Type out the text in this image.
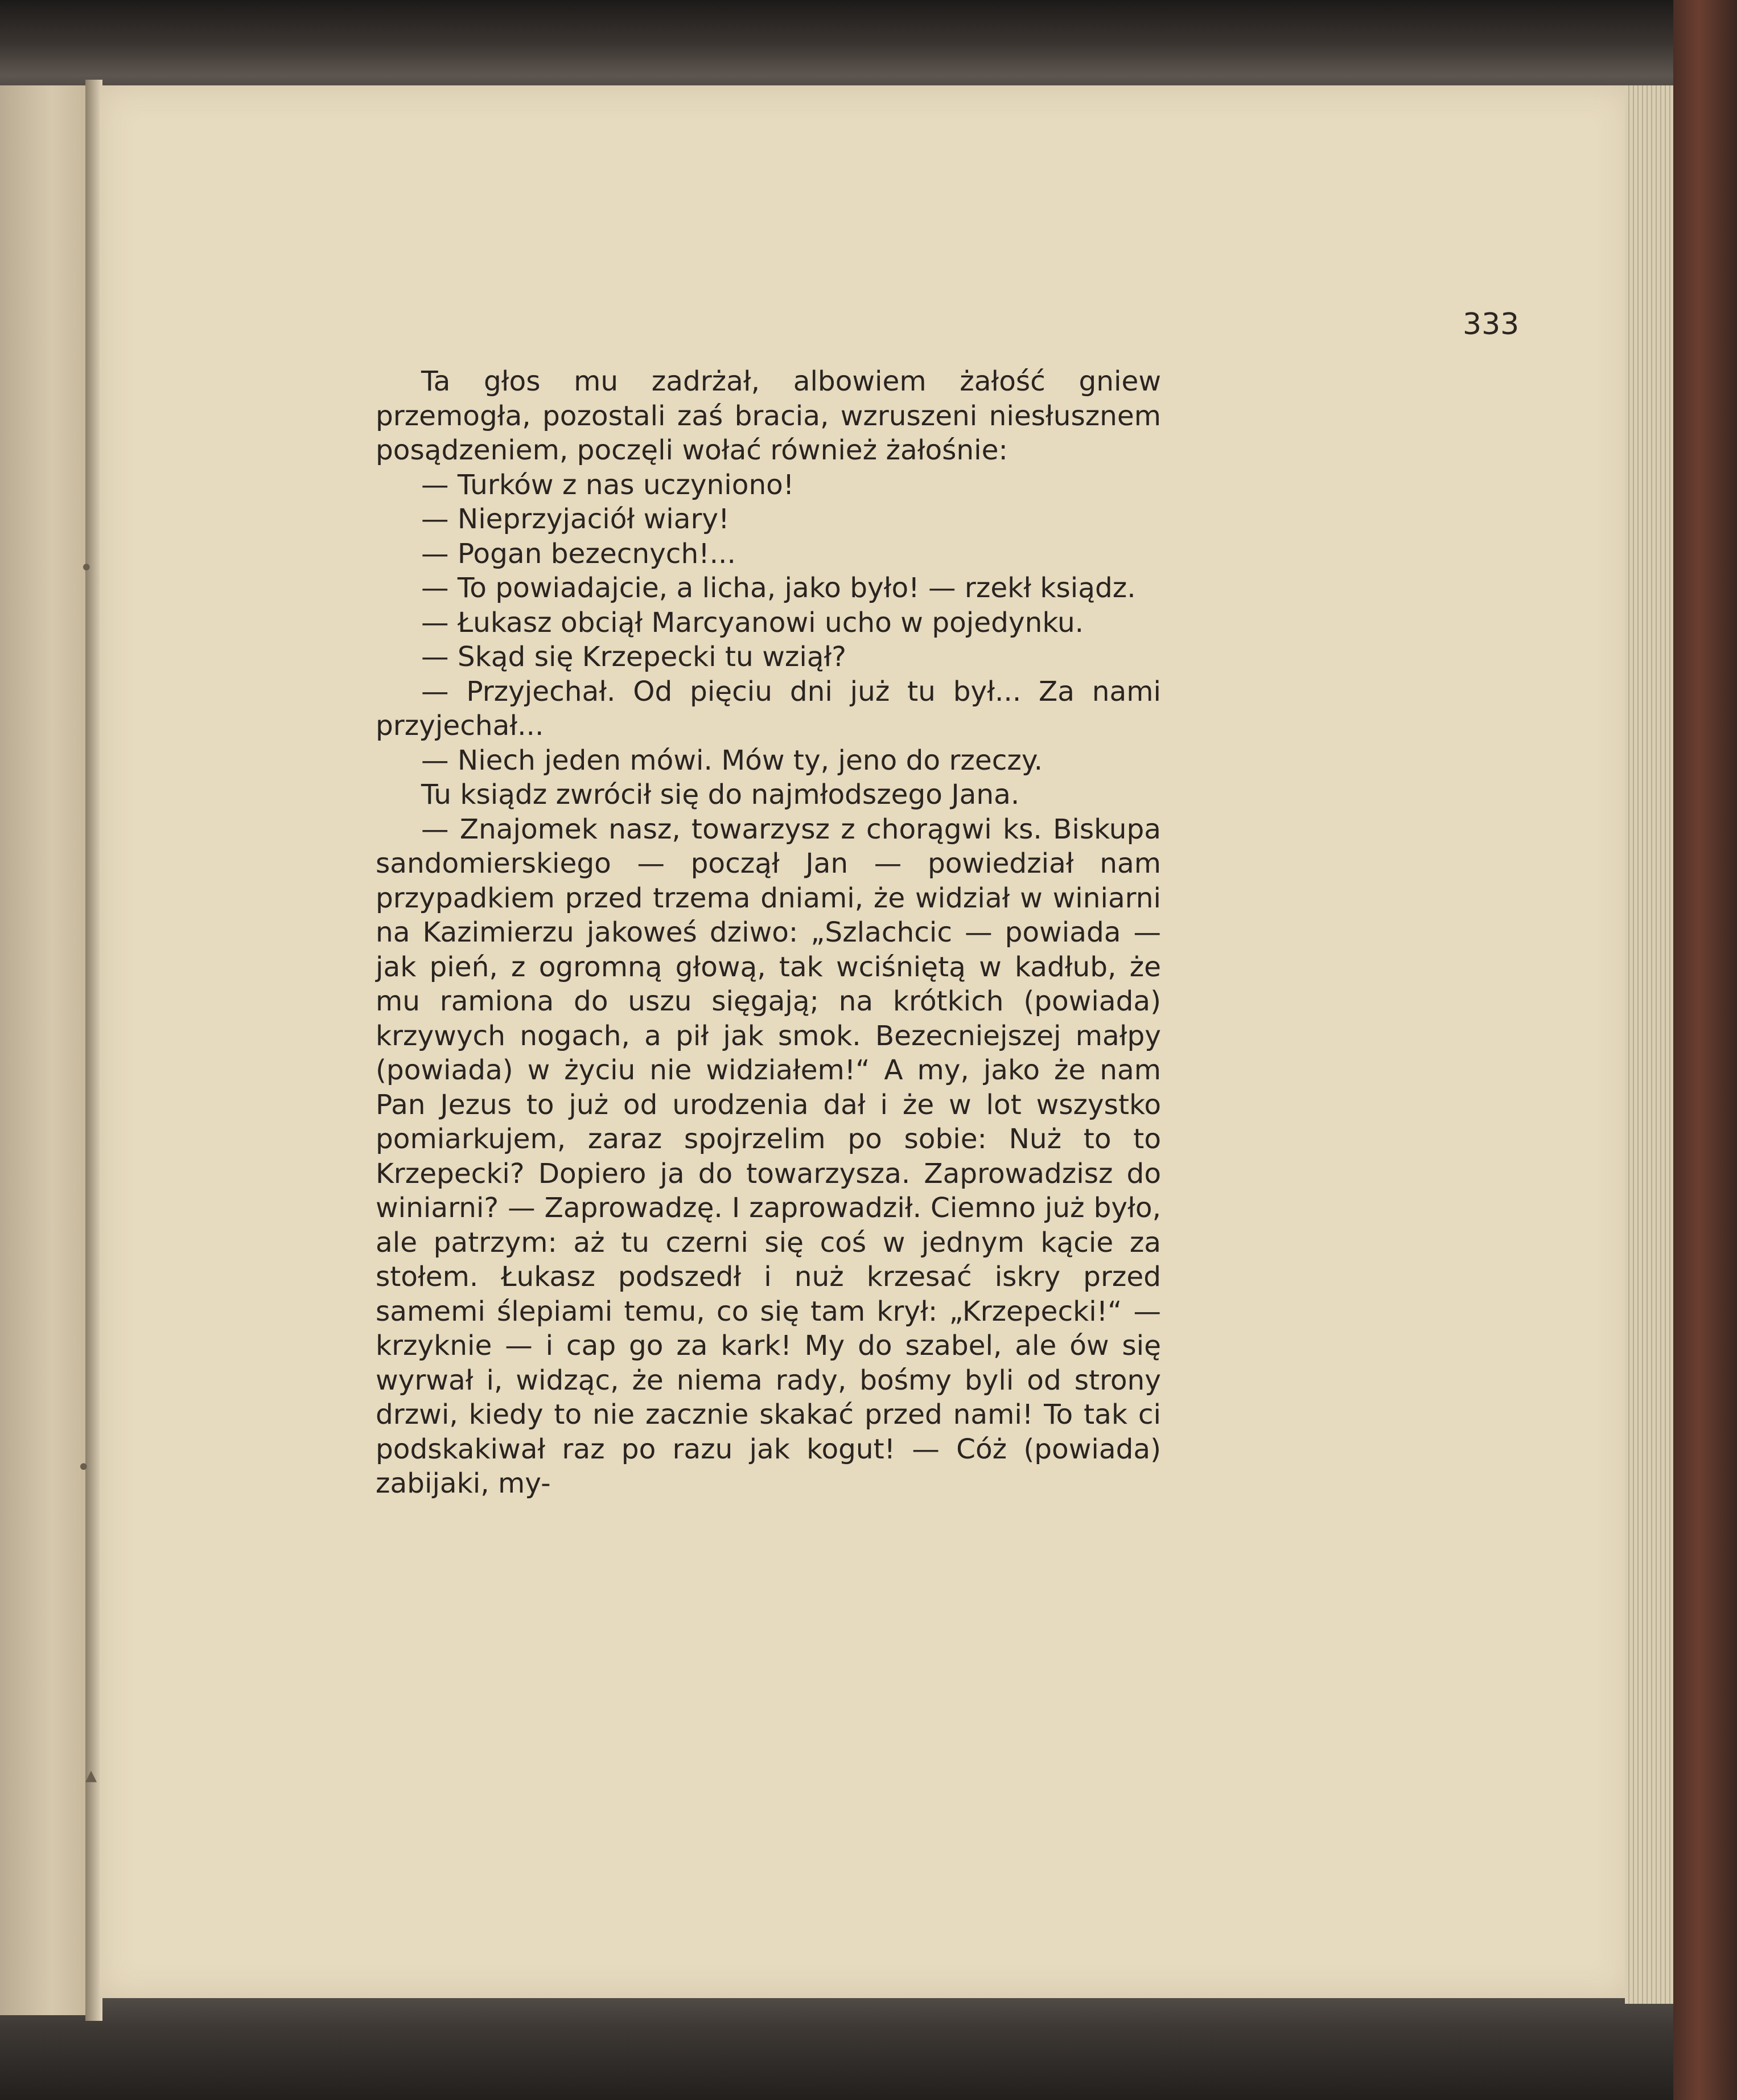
•
•
▴
333

Ta głos mu zadrżał, albowiem żałość gniew przemogła, pozostali zaś bracia, wzruszeni niesłusznem posądzeniem, poczęli wołać również żałośnie:

— Turków z nas uczyniono!

— Nieprzyjaciół wiary!

— Pogan bezecnych!...

— To powiadajcie, a licha, jako było! — rzekł ksiądz.

— Łukasz obciął Marcyanowi ucho w pojedynku.

— Skąd się Krzepecki tu wziął?

— Przyjechał. Od pięciu dni już tu był... Za nami przyjechał...

— Niech jeden mówi. Mów ty, jeno do rzeczy.

Tu ksiądz zwrócił się do najmłodszego Jana.

— Znajomek nasz, towarzysz z chorągwi ks. Biskupa sandomierskiego — począł Jan — powiedział nam przypadkiem przed trzema dniami, że widział w winiarni na Kazimierzu jakoweś dziwo: „Szlachcic — powiada — jak pień, z ogromną głową, tak wciśniętą w kadłub, że mu ramiona do uszu sięgają; na krótkich (powiada) krzywych nogach, a pił jak smok. Bezecniejszej małpy (powiada) w życiu nie widziałem!“ A my, jako że nam Pan Jezus to już od urodzenia dał i że w lot wszystko pomiarkujem, zaraz spojrzelim po sobie: Nuż to to Krzepecki? Dopiero ja do towarzysza. Zaprowadzisz do winiarni? — Zaprowadzę. I zaprowadził. Ciemno już było, ale patrzym: aż tu czerni się coś w jednym kącie za stołem. Łukasz podszedł i nuż krzesać iskry przed samemi ślepiami temu, co się tam krył: „Krzepecki!“ — krzyknie — i cap go za kark! My do szabel, ale ów się wyrwał i, widząc, że niema rady, bośmy byli od strony drzwi, kiedy to nie zacznie skakać przed nami! To tak ci podskakiwał raz po razu jak kogut! — Cóż (powiada) zabijaki, my-
